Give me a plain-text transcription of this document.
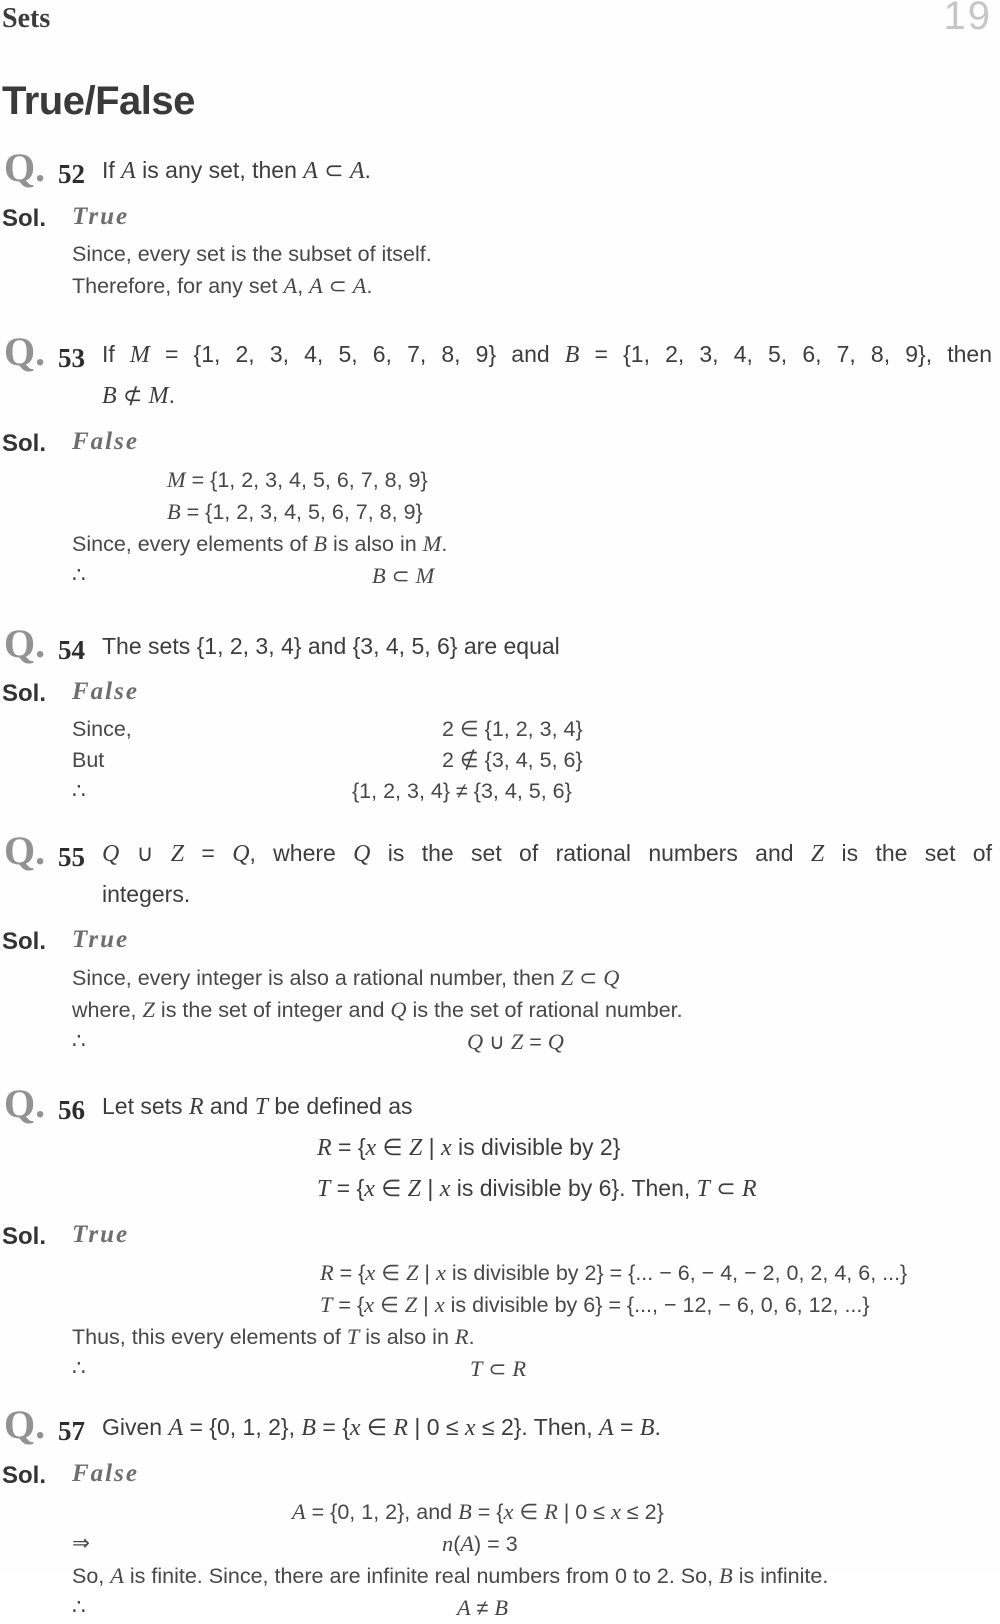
Sets	19
True/False
Q. 52 If A is any set, then A ⊂ A.
Sol. True
Since, every set is the subset of itself.
Therefore, for any set A, A ⊂ A.
Q. 53 If M = {1, 2, 3, 4, 5, 6, 7, 8, 9} and B = {1, 2, 3, 4, 5, 6, 7, 8, 9}, then
B ⊄ M.
Sol. False
M = {1, 2, 3, 4, 5, 6, 7, 8, 9}
B = {1, 2, 3, 4, 5, 6, 7, 8, 9}
Since, every elements of B is also in M.
∴	B ⊂ M
Q. 54 The sets {1, 2, 3, 4} and {3, 4, 5, 6} are equal
Sol. False
Since,	2 ∈ {1, 2, 3, 4}
But	2 ∉ {3, 4, 5, 6}
∴	{1, 2, 3, 4} ≠ {3, 4, 5, 6}
Q. 55 Q ∪ Z = Q, where Q is the set of rational numbers and Z is the set of
integers.
Sol. True
Since, every integer is also a rational number, then Z ⊂ Q
where, Z is the set of integer and Q is the set of rational number.
∴	Q ∪ Z = Q
Q. 56 Let sets R and T be defined as
R = {x ∈ Z | x is divisible by 2}
T = {x ∈ Z | x is divisible by 6}. Then, T ⊂ R
Sol. True
R = {x ∈ Z | x is divisible by 2} = {... − 6, − 4, − 2, 0, 2, 4, 6, ...}
T = {x ∈ Z | x is divisible by 6} = {..., − 12, − 6, 0, 6, 12, ...}
Thus, this every elements of T is also in R.
∴	T ⊂ R
Q. 57 Given A = {0, 1, 2}, B = {x ∈ R | 0 ≤ x ≤ 2}. Then, A = B.
Sol. False
A = {0, 1, 2}, and B = {x ∈ R | 0 ≤ x ≤ 2}
⇒	n(A) = 3
So, A is finite. Since, there are infinite real numbers from 0 to 2. So, B is infinite.
∴	A ≠ B
